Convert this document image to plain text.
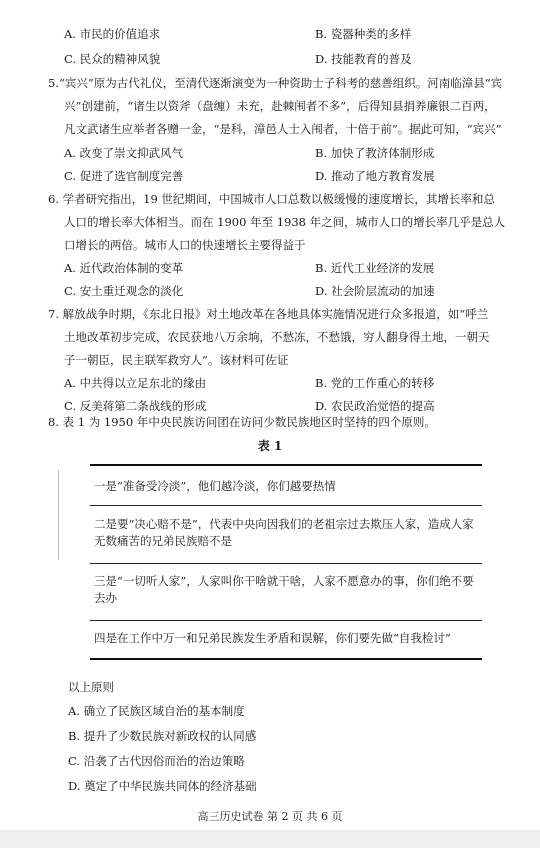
A. 市民的价值追求	B. 瓷器种类的多样
C. 民众的精神风貌	D. 技能教育的普及
5.“宾兴”原为古代礼仪，至清代逐渐演变为一种资助士子科考的慈善组织。河南临漳县“宾
兴”创建前，“诸生以资斧（盘缠）未充，赴棘闱者不多”，后得知县捐养廉银二百两，
凡文武诸生应举者各赠一金，“是科，漳邑人士入闱者，十倍于前”。据此可知，“宾兴”
A. 改变了崇文抑武风气	B. 加快了教济体制形成
C. 促进了选官制度完善	D. 推动了地方教育发展
6. 学者研究指出，19 世纪期间，中国城市人口总数以极缓慢的速度增长，其增长率和总
人口的增长率大体相当。而在 1900 年至 1938 年之间，城市人口的增长率几乎是总人
口增长的两倍。城市人口的快速增长主要得益于
A. 近代政治体制的变革	B. 近代工业经济的发展
C. 安土重迁观念的淡化	D. 社会阶层流动的加速
7. 解放战争时期，《东北日报》对土地改革在各地具体实施情况进行众多报道，如“呼兰
土地改革初步完成，农民获地八万余垧，不愁冻，不愁饿，穷人翻身得土地，一朝天
子一朝臣，民主联军救穷人”。该材料可佐证
A. 中共得以立足东北的缘由	B. 党的工作重心的转移
C. 反美蒋第二条战线的形成	D. 农民政治觉悟的提高
8. 表 1 为 1950 年中央民族访问团在访问少数民族地区时坚持的四个原则。
表 1
一是“准备受冷淡”，他们越冷淡，你们越要热情
二是要“决心赔不是”，代表中央向因我们的老祖宗过去欺压人家，造成人家无数痛苦的兄弟民族赔不是
三是“一切听人家”，人家叫你干啥就干啥，人家不愿意办的事，你们绝不要去办
四是在工作中万一和兄弟民族发生矛盾和误解，你们要先做“自我检讨”
以上原则
A. 确立了民族区域自治的基本制度
B. 提升了少数民族对新政权的认同感
C. 沿袭了古代因俗而治的治边策略
D. 奠定了中华民族共同体的经济基础
高三历史试卷 第 2 页 共 6 页
